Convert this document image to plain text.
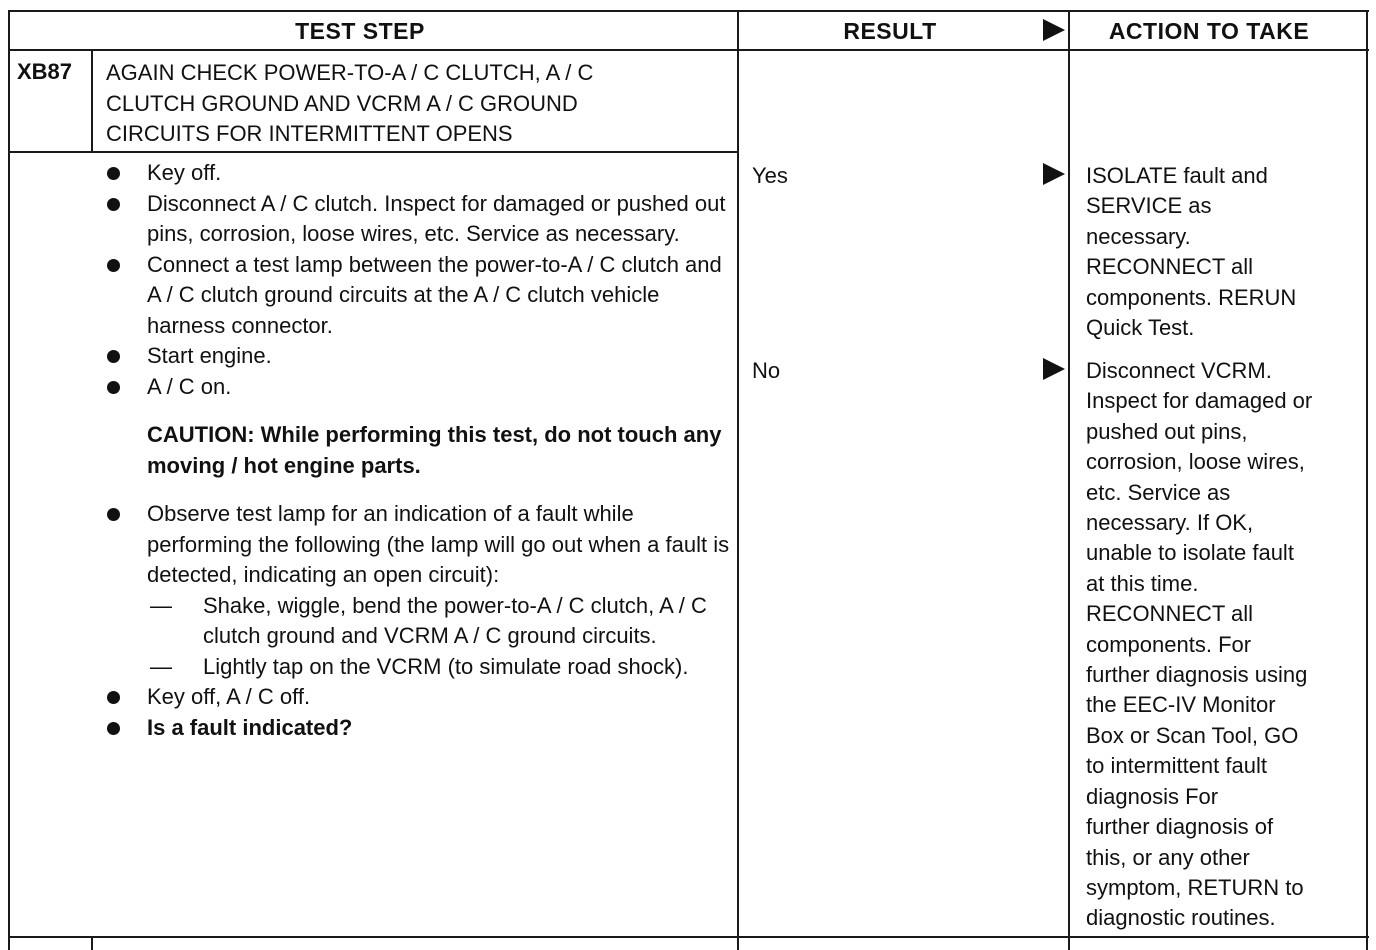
TEST STEP	RESULT	ACTION TO TAKE
XB87 AGAIN CHECK POWER-TO-A / C CLUTCH, A / C
CLUTCH GROUND AND VCRM A / C GROUND
CIRCUITS FOR INTERMITTENT OPENS
Key off.
Disconnect A / C clutch. Inspect for damaged or pushed out pins, corrosion, loose wires, etc. Service as necessary.
Connect a test lamp between the power-to-A / C clutch and A / C clutch ground circuits at the A / C clutch vehicle harness connector.
Start engine.
A / C on.
CAUTION: While performing this test, do not touch any moving / hot engine parts.
Observe test lamp for an indication of a fault while performing the following (the lamp will go out when a fault is detected, indicating an open circuit):
— Shake, wiggle, bend the power-to-A / C clutch, A / C clutch ground and VCRM A / C ground circuits.
— Lightly tap on the VCRM (to simulate road shock).
Key off, A / C off.
Is a fault indicated?
Yes
No
ISOLATE fault and
SERVICE as
necessary.
RECONNECT all
components. RERUN
Quick Test.
Disconnect VCRM.
Inspect for damaged or
pushed out pins,
corrosion, loose wires,
etc. Service as
necessary. If OK,
unable to isolate fault
at this time.
RECONNECT all
components. For
further diagnosis using
the EEC-IV Monitor
Box or Scan Tool, GO
to intermittent fault
diagnosis For
further diagnosis of
this, or any other
symptom, RETURN to
diagnostic routines.
